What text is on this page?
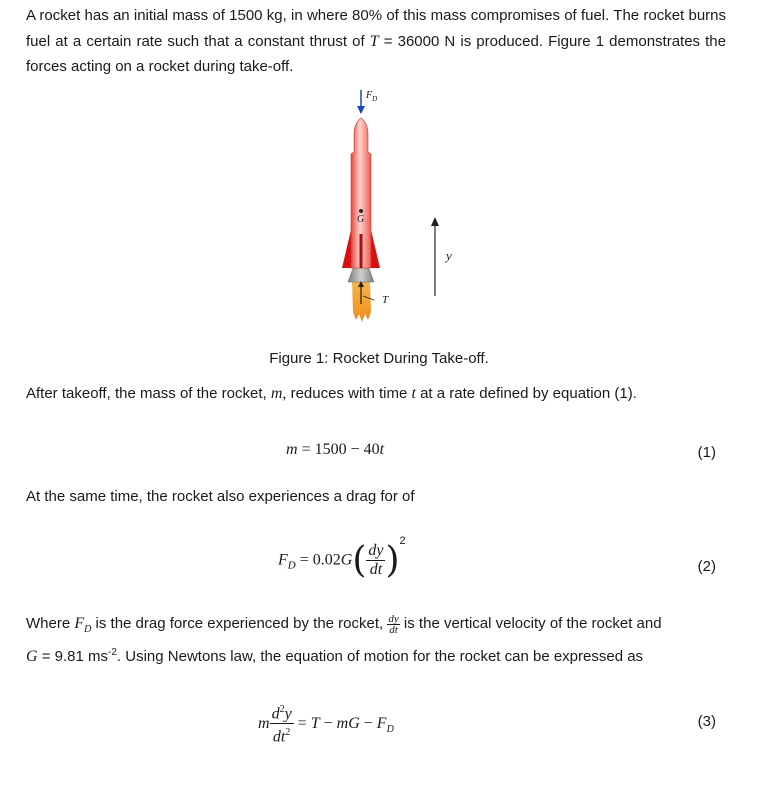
A rocket has an initial mass of 1500 kg, in where 80% of this mass compromises of fuel. The rocket burns fuel at a certain rate such that a constant thrust of T = 36000 N is produced. Figure 1 demonstrates the forces acting on a rocket during take-off.

$F_D$
G
T
y
Figure 1: Rocket During Take-off.

After takeoff, the mass of the rocket, m, reduces with time t at a rate defined by equation (1).

m = 1500 − 40t	(1)

At the same time, the rocket also experiences a drag for of

$F_D = 0.02G( \frac{dy}{dt} )^2$
(2)
Where $F_D$ is the drag force experienced by the rocket, $\frac{dy}{dt}$ is the vertical velocity of the rocket and
G = 9.81 $ms^{-2}$. Using Newtons law, the equation of motion for the rocket can be expressed as
m $\frac{d^2y}{dt^2} = T$ − mG − $F_D$	(3)
